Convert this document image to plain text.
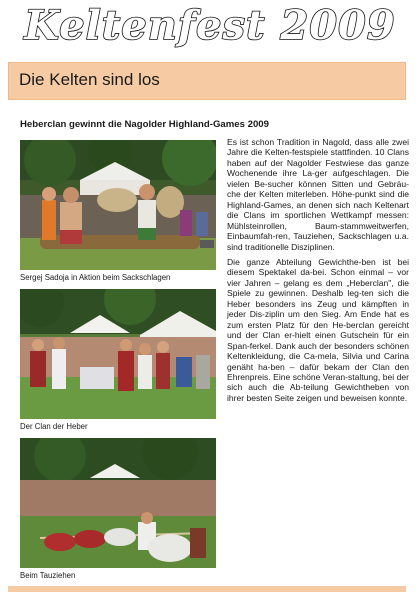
Keltenfest 2009
Die Kelten sind los
Heberclan gewinnt die Nagolder Highland-Games 2009
Sergej Sadoja in Aktion beim Sackschlagen
Der Clan der Heber
Beim Tauziehen

Es ist schon Tradition in Nagold, dass alle zwei Jahre die Kelten-festspiele stattfinden. 10 Clans haben auf der Nagolder Festwiese das ganze Wochenende ihre La-ger aufgeschlagen. Die vielen Be-sucher können Sitten und Gebräu-che der Kelten miterleben. Höhe-punkt sind die Highland-Games, an denen sich nach Keltenart die Clans im sportlichen Wettkampf messen: Mühlsteinrollen, Baum-stammweitwerfen, Einbaumfah-ren, Tauziehen, Sackschlagen u.a. sind traditionelle Disziplinen.

Die ganze Abteilung Gewichthe-ben ist bei diesem Spektakel da-bei. Schon einmal – vor vier Jahren – gelang es dem „Heberclan", die Spiele zu gewinnen. Deshalb leg-ten sich die Heber besonders ins Zeug und kämpften in jeder Dis-ziplin um den Sieg. Am Ende hat es zum ersten Platz für den He-berclan gereicht und der Clan er-hielt einen Gutschein für ein Span-ferkel. Dank auch der besonders schönen Keltenkleidung, die Ca-mela, Silvia und Carina genäht ha-ben – dafür bekam der Clan den Ehrenpreis. Eine schöne Veran-staltung, bei der sich auch die Ab-teilung Gewichtheben von ihrer besten Seite zeigen und beweisen konnte.
